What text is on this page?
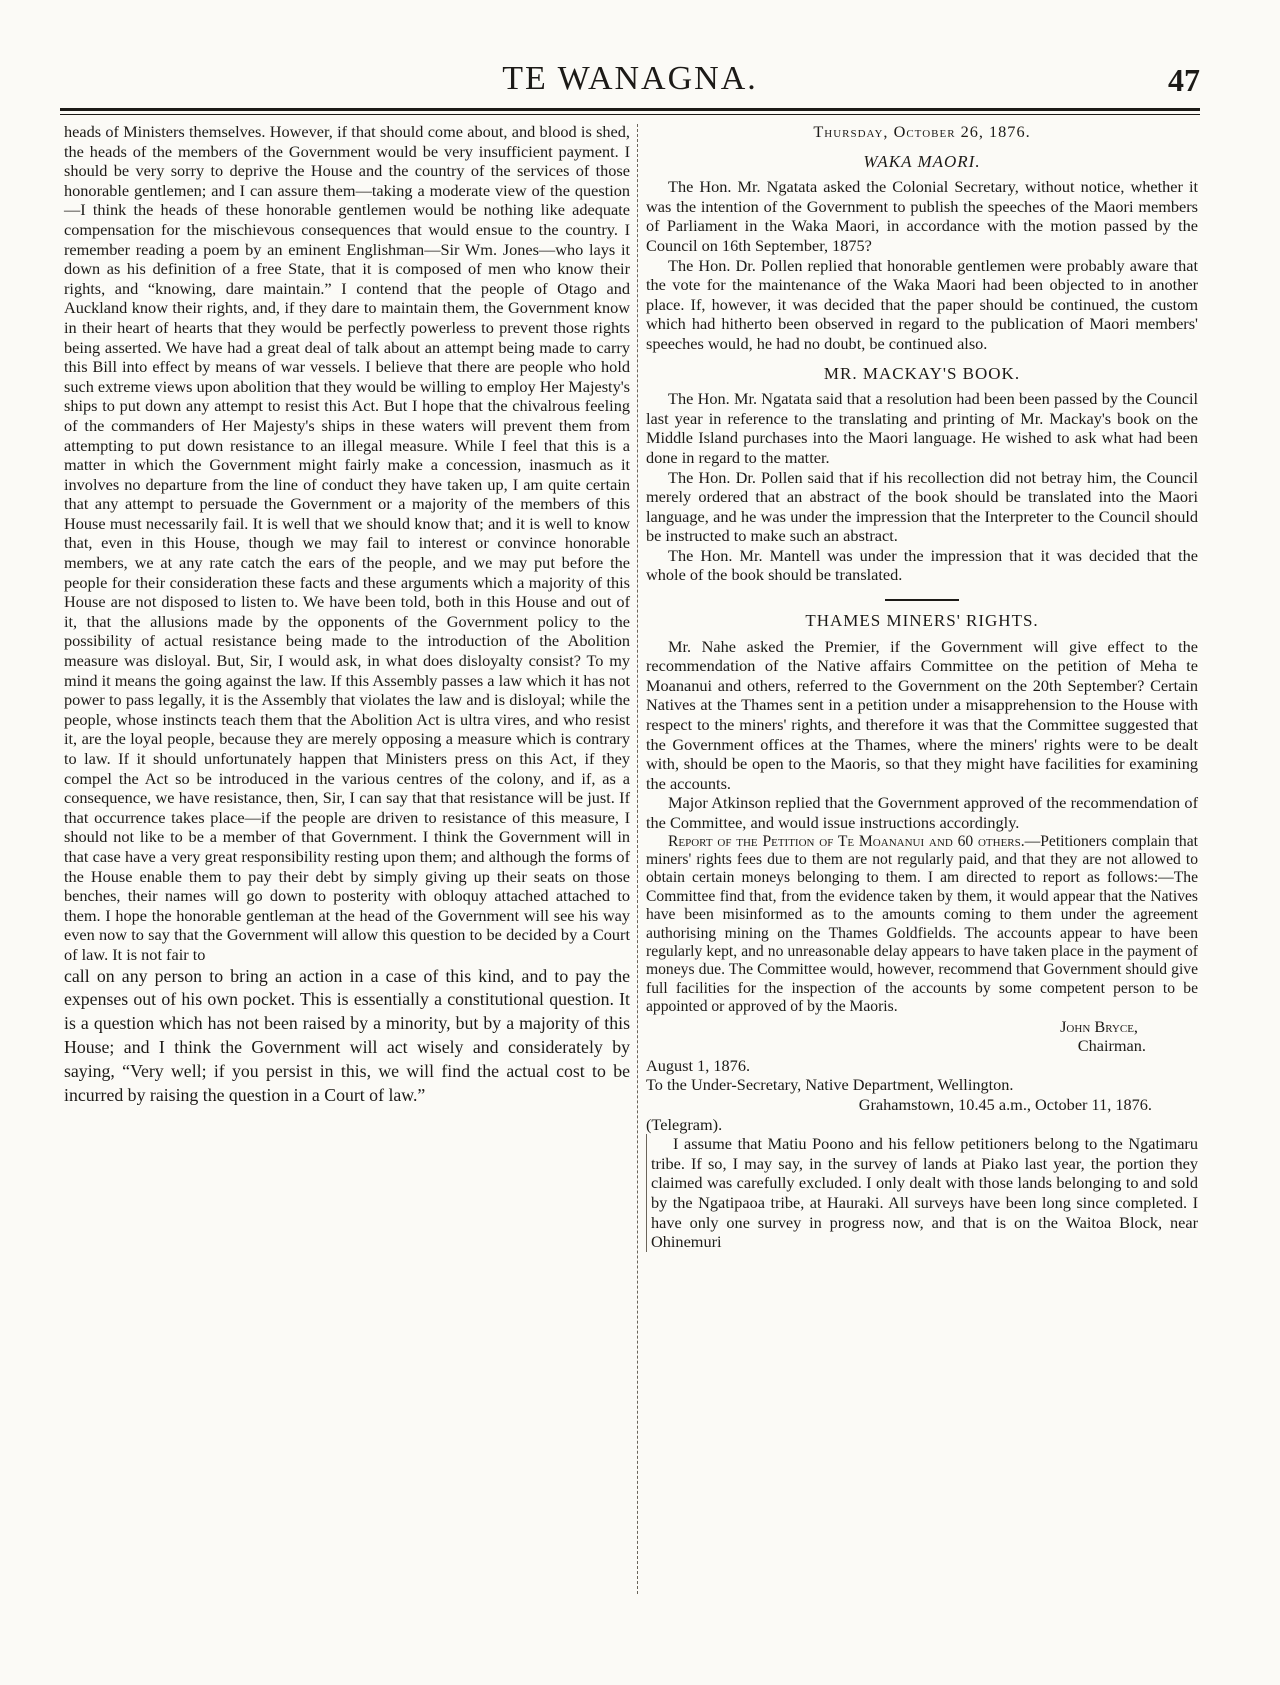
TE WANAGNA.	47

heads of Ministers themselves. However, if that should come about, and blood is shed, the heads of the members of the Government would be very insufficient payment. I should be very sorry to deprive the House and the country of the services of those honorable gentlemen; and I can assure them—taking a moderate view of the question—I think the heads of these honorable gentlemen would be nothing like adequate compensation for the mischievous consequences that would ensue to the country. I remember reading a poem by an eminent Englishman—Sir Wm. Jones—who lays it down as his definition of a free State, that it is composed of men who know their rights, and “knowing, dare maintain.” I contend that the people of Otago and Auckland know their rights, and, if they dare to maintain them, the Government know in their heart of hearts that they would be perfectly powerless to prevent those rights being asserted. We have had a great deal of talk about an attempt being made to carry this Bill into effect by means of war vessels. I believe that there are people who hold such extreme views upon abolition that they would be willing to employ Her Majesty's ships to put down any attempt to resist this Act. But I hope that the chivalrous feeling of the commanders of Her Majesty's ships in these waters will prevent them from attempting to put down resistance to an illegal measure. While I feel that this is a matter in which the Government might fairly make a concession, inasmuch as it involves no departure from the line of conduct they have taken up, I am quite certain that any attempt to persuade the Government or a majority of the members of this House must necessarily fail. It is well that we should know that; and it is well to know that, even in this House, though we may fail to interest or convince honorable members, we at any rate catch the ears of the people, and we may put before the people for their consideration these facts and these arguments which a majority of this House are not disposed to listen to. We have been told, both in this House and out of it, that the allusions made by the opponents of the Government policy to the possibility of actual resistance being made to the introduction of the Abolition measure was disloyal. But, Sir, I would ask, in what does disloyalty consist? To my mind it means the going against the law. If this Assembly passes a law which it has not power to pass legally, it is the Assembly that violates the law and is disloyal; while the people, whose instincts teach them that the Abolition Act is ultra vires, and who resist it, are the loyal people, because they are merely opposing a measure which is contrary to law. If it should unfortunately happen that Ministers press on this Act, if they compel the Act so be introduced in the various centres of the colony, and if, as a consequence, we have resistance, then, Sir, I can say that that resistance will be just. If that occurrence takes place—if the people are driven to resistance of this measure, I should not like to be a member of that Government. I think the Government will in that case have a very great responsibility resting upon them; and although the forms of the House enable them to pay their debt by simply giving up their seats on those benches, their names will go down to posterity with obloquy attached attached to them. I hope the honorable gentleman at the head of the Government will see his way even now to say that the Government will allow this question to be decided by a Court of law. It is not fair to

call on any person to bring an action in a case of this kind, and to pay the expenses out of his own pocket. This is essentially a constitutional question. It is a question which has not been raised by a minority, but by a majority of this House; and I think the Government will act wisely and considerately by saying, “Very well; if you persist in this, we will find the actual cost to be incurred by raising the question in a Court of law.”

Thursday, October 26, 1876.

WAKA MAORI.

The Hon. Mr. Ngatata asked the Colonial Secretary, without notice, whether it was the intention of the Government to publish the speeches of the Maori members of Parliament in the Waka Maori, in accordance with the motion passed by the Council on 16th September, 1875?

The Hon. Dr. Pollen replied that honorable gentlemen were probably aware that the vote for the maintenance of the Waka Maori had been objected to in another place. If, however, it was decided that the paper should be continued, the custom which had hitherto been observed in regard to the publication of Maori members' speeches would, he had no doubt, be continued also.

MR. MACKAY'S BOOK.

The Hon. Mr. Ngatata said that a resolution had been been passed by the Council last year in reference to the translating and printing of Mr. Mackay's book on the Middle Island purchases into the Maori language. He wished to ask what had been done in regard to the matter.

The Hon. Dr. Pollen said that if his recollection did not betray him, the Council merely ordered that an abstract of the book should be translated into the Maori language, and he was under the impression that the Interpreter to the Council should be instructed to make such an abstract.

The Hon. Mr. Mantell was under the impression that it was decided that the whole of the book should be translated.

THAMES MINERS' RIGHTS.

Mr. Nahe asked the Premier, if the Government will give effect to the recommendation of the Native affairs Committee on the petition of Meha te Moananui and others, referred to the Government on the 20th September? Certain Natives at the Thames sent in a petition under a misapprehension to the House with respect to the miners' rights, and therefore it was that the Committee suggested that the Government offices at the Thames, where the miners' rights were to be dealt with, should be open to the Maoris, so that they might have facilities for examining the accounts.

Major Atkinson replied that the Government approved of the recommendation of the Committee, and would issue instructions accordingly.

Report of the Petition of Te Moananui and 60 others.—Petitioners complain that miners' rights fees due to them are not regularly paid, and that they are not allowed to obtain certain moneys belonging to them. I am directed to report as follows:—The Committee find that, from the evidence taken by them, it would appear that the Natives have been misinformed as to the amounts coming to them under the agreement authorising mining on the Thames Goldfields. The accounts appear to have been regularly kept, and no unreasonable delay appears to have taken place in the payment of moneys due. The Committee would, however, recommend that Government should give full facilities for the inspection of the accounts by some competent person to be appointed or approved of by the Maoris.

John Bryce,

Chairman.

August 1, 1876.

To the Under-Secretary, Native Department, Wellington.

Grahamstown, 10.45 a.m., October 11, 1876.

(Telegram).

I assume that Matiu Poono and his fellow petitioners belong to the Ngatimaru tribe. If so, I may say, in the survey of lands at Piako last year, the portion they claimed was carefully excluded. I only dealt with those lands belonging to and sold by the Ngatipaoa tribe, at Hauraki. All surveys have been long since completed. I have only one survey in progress now, and that is on the Waitoa Block, near Ohinemuri
